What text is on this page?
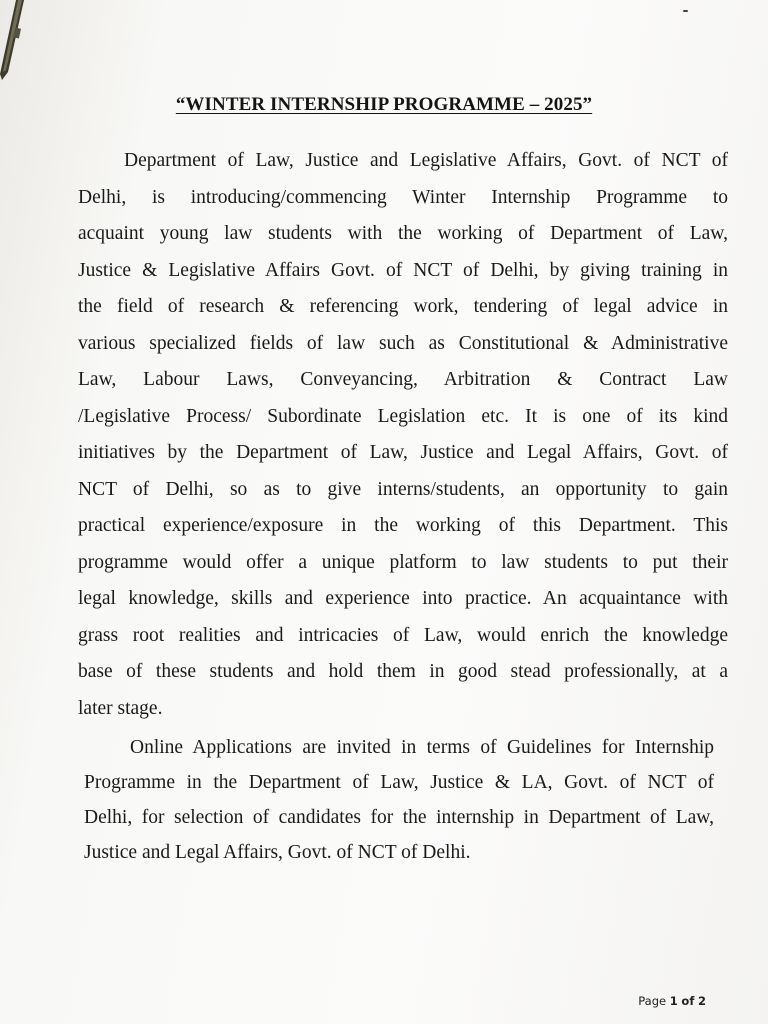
“WINTER INTERNSHIP PROGRAMME – 2025”
Department of Law, Justice and Legislative Affairs, Govt. of NCT of
Delhi, is introducing/commencing Winter Internship Programme to
acquaint young law students with the working of Department of Law,
Justice & Legislative Affairs Govt. of NCT of Delhi, by giving training in
the field of research & referencing work, tendering of legal advice in
various specialized fields of law such as Constitutional & Administrative
Law, Labour Laws, Conveyancing, Arbitration & Contract Law
/Legislative Process/ Subordinate Legislation etc. It is one of its kind
initiatives by the Department of Law, Justice and Legal Affairs, Govt. of
NCT of Delhi, so as to give interns/students, an opportunity to gain
practical experience/exposure in the working of this Department. This
programme would offer a unique platform to law students to put their
legal knowledge, skills and experience into practice. An acquaintance with
grass root realities and intricacies of Law, would enrich the knowledge
base of these students and hold them in good stead professionally, at a
later stage.
Online Applications are invited in terms of Guidelines for Internship
Programme in the Department of Law, Justice & LA, Govt. of NCT of
Delhi, for selection of candidates for the internship in Department of Law,
Justice and Legal Affairs, Govt. of NCT of Delhi.
Page 1 of 2
